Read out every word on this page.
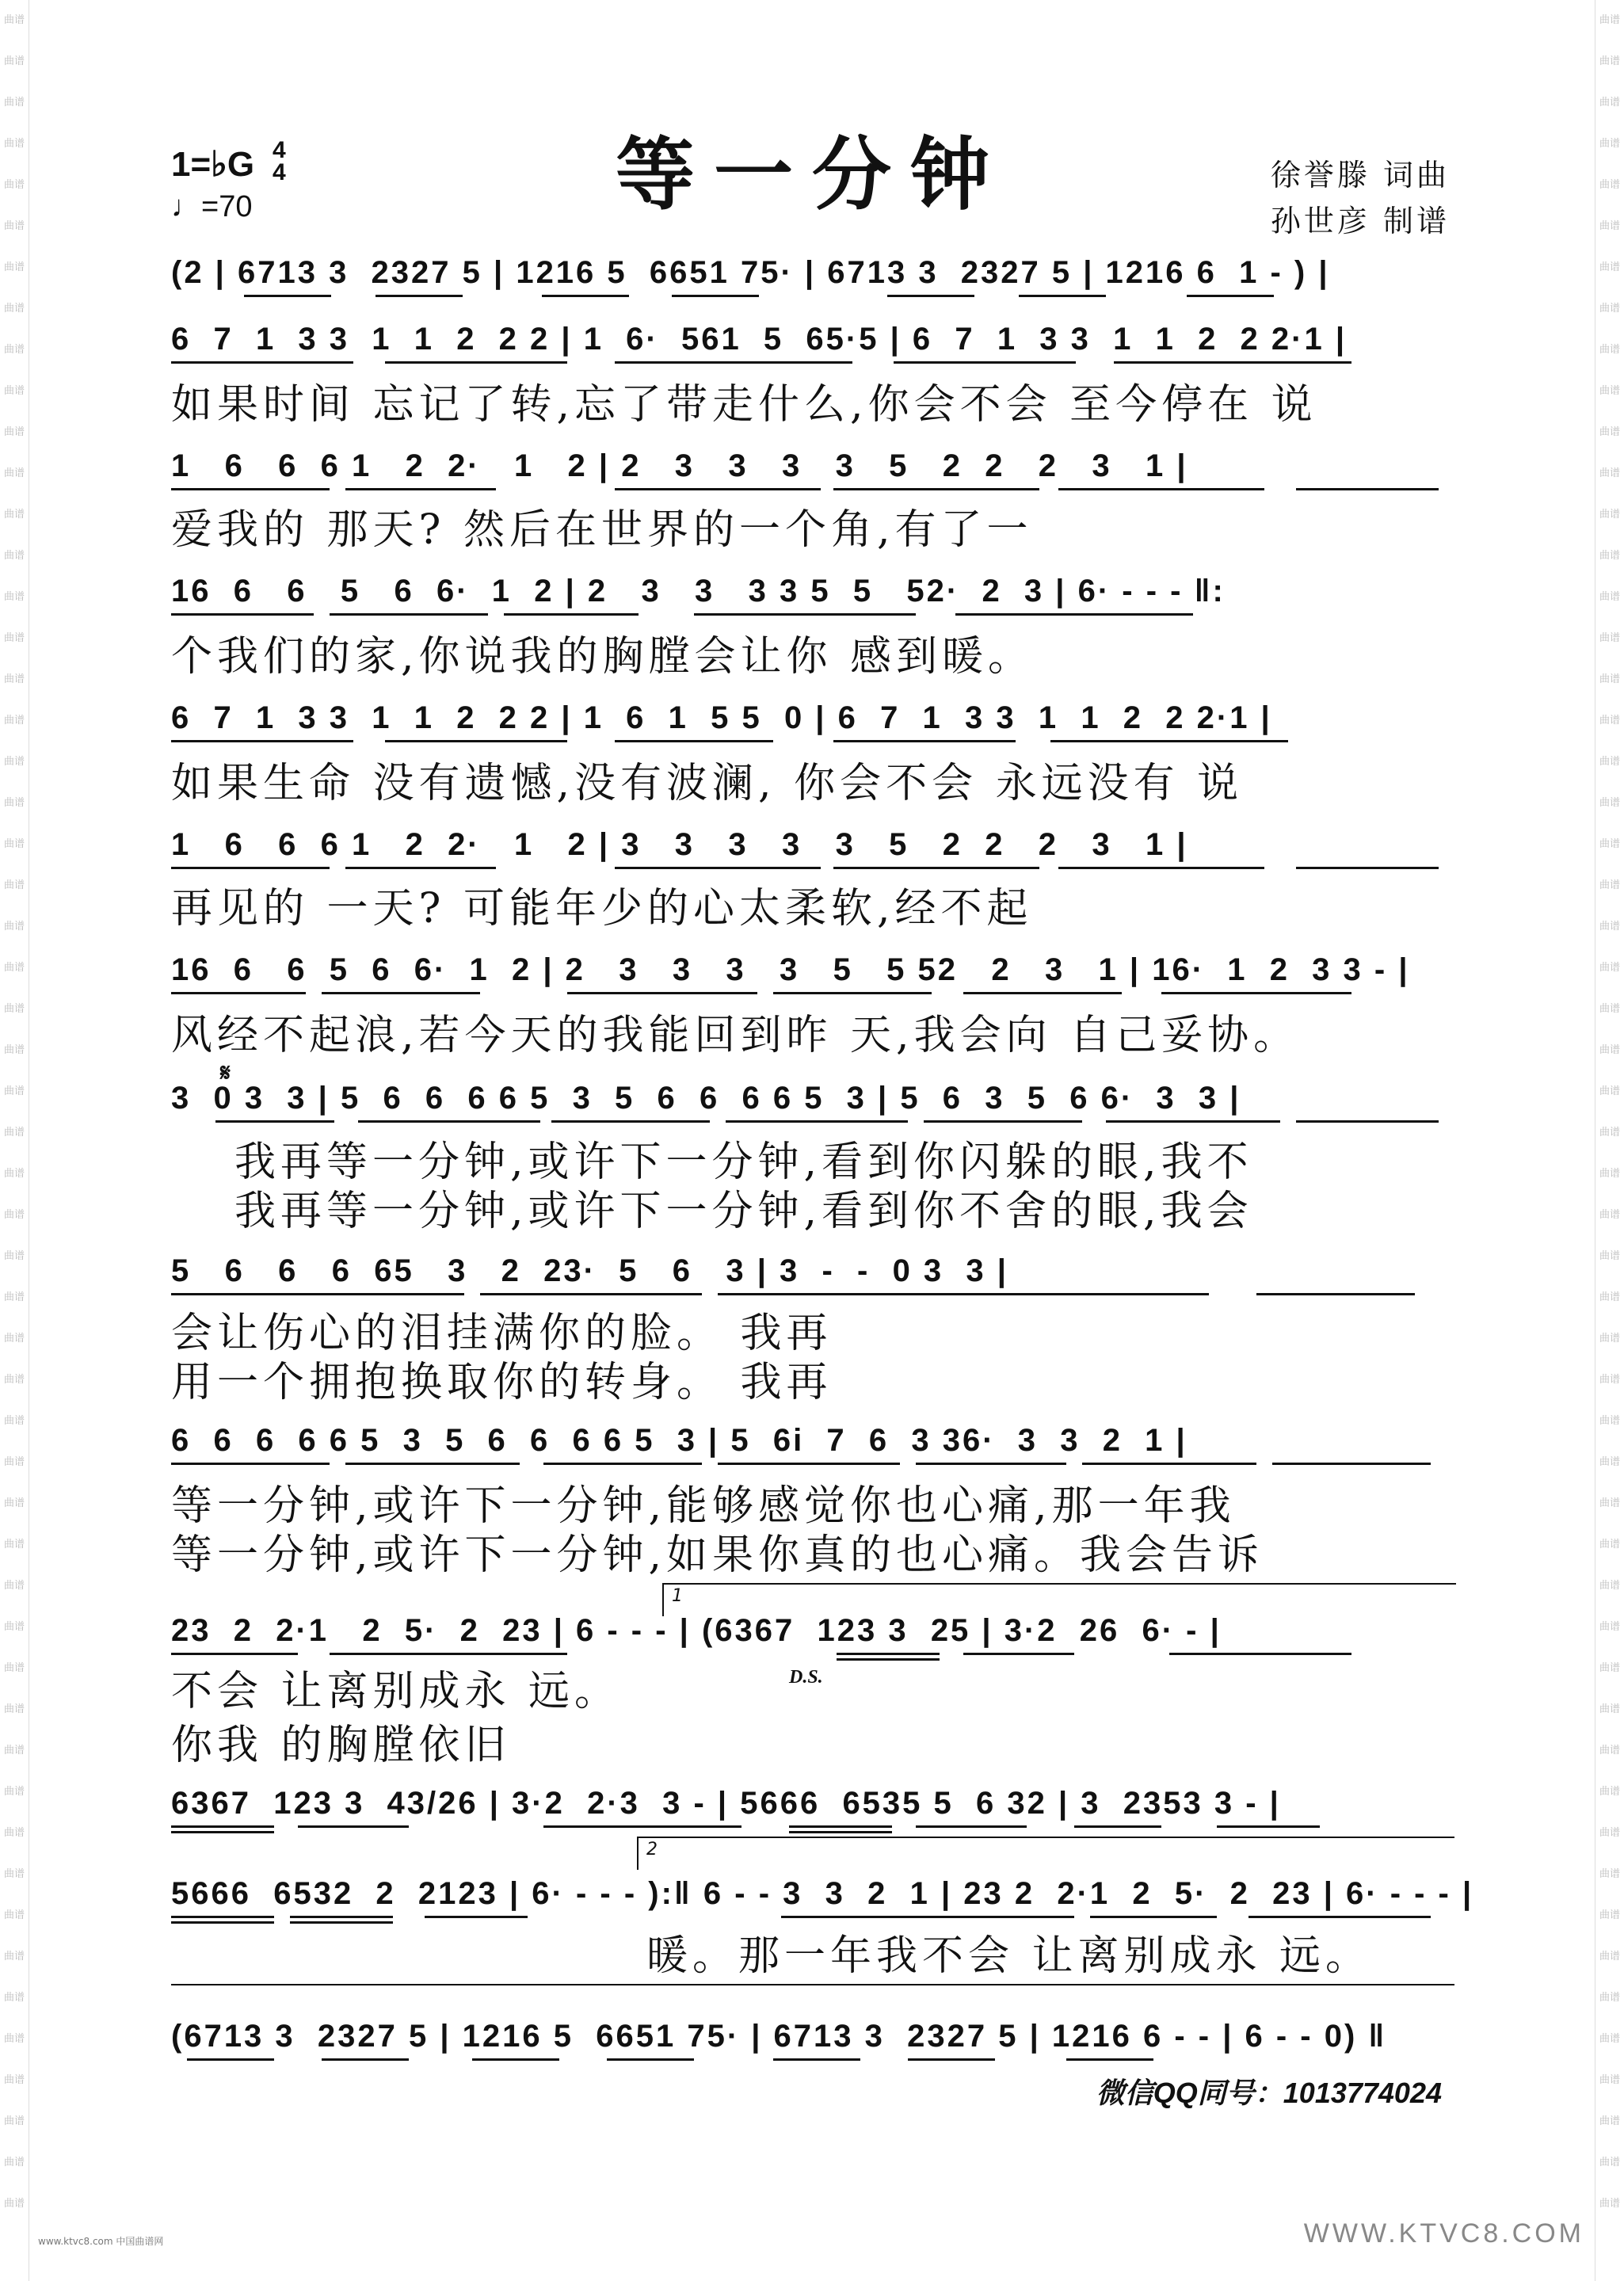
曲谱
曲谱
曲谱
曲谱
曲谱
曲谱
曲谱
曲谱
曲谱
曲谱
曲谱
曲谱
曲谱
曲谱
曲谱
曲谱
曲谱
曲谱
曲谱
曲谱
曲谱
曲谱
曲谱
曲谱
曲谱
曲谱
曲谱
曲谱
曲谱
曲谱
曲谱
曲谱
曲谱
曲谱
曲谱
曲谱
曲谱
曲谱
曲谱
曲谱
曲谱
曲谱
曲谱
曲谱
曲谱
曲谱
曲谱
曲谱
曲谱
曲谱
曲谱
曲谱
曲谱
曲谱
曲谱
曲谱
曲谱
曲谱
曲谱
曲谱
曲谱
曲谱
曲谱
曲谱
曲谱
曲谱
曲谱
曲谱
曲谱
曲谱
曲谱
曲谱
曲谱
曲谱
曲谱
曲谱
曲谱
曲谱
曲谱
曲谱
曲谱
曲谱
曲谱
曲谱
曲谱
曲谱
曲谱
曲谱
曲谱
曲谱
曲谱
曲谱
曲谱
曲谱
曲谱
曲谱
曲谱
曲谱
曲谱
曲谱
曲谱
曲谱
曲谱
曲谱
曲谱
曲谱
曲谱
曲谱
等一分钟
1=♭G 4
4
♩=70
徐誉滕 词曲
孙世彦 制谱
(2 | 6713 3  2327 5 | 1216 5  6651 75· | 6713 3  2327 5 | 1216 6  1 - ) |
6  7  1  3 3  1  1  2  2 2 | 1  6·  561  5  65·5 | 6  7  1  3 3  1  1  2  2 2·1 |
如果时间 忘记了转,忘了带走什么,你会不会 至今停在 说
1   6   6  6 1   2  2·   1   2 | 2   3   3   3   3   5   2  2   2   3   1 |
爱我的 那天? 然后在世界的一个角,有了一
16  6   6   5   6  6·  1  2 | 2   3   3   3 3 5  5   52·  2  3 | 6· - - - ‖:
个我们的家,你说我的胸膛会让你 感到暖。
6  7  1  3 3  1  1  2  2 2 | 1  6  1  5 5  0 | 6  7  1  3 3  1  1  2  2 2·1 |
如果生命 没有遗憾,没有波澜, 你会不会 永远没有 说
1   6   6  6 1   2  2·   1   2 | 3   3   3   3   3   5   2  2   2   3   1 |
再见的 一天? 可能年少的心太柔软,经不起
16  6   6  5  6  6·  1  2 | 2   3   3   3   3   5   5 52   2   3   1 | 16·  1  2  3 3 - |
风经不起浪,若今天的我能回到昨 天,我会向 自己妥协。
𝄋
3  0 3  3 | 5  6  6  6 6 5  3  5  6  6  6 6 5  3 | 5  6  3  5  6 6·  3  3 |
我再等一分钟,或许下一分钟,看到你闪躲的眼,我不
我再等一分钟,或许下一分钟,看到你不舍的眼,我会
5   6   6   6  65   3   2  23·  5   6   3 | 3  -  -  0 3  3 |
会让伤心的泪挂满你的脸。 我再
用一个拥抱换取你的转身。 我再
6  6  6  6 6 5  3  5  6  6  6 6 5  3 | 5  6i  7  6  3 36·  3  3  2  1 |
等一分钟,或许下一分钟,能够感觉你也心痛,那一年我
等一分钟,或许下一分钟,如果你真的也心痛。我会告诉
1
23  2  2·1   2  5·  2  23 | 6 - - - | (6367  123 3  25 | 3·2  26  6· - |
D.S.
不会 让离别成永 远。
你我 的胸膛依旧
6367  123 3  43/26 | 3·2  2·3  3 - | 5666  6535 5  6 32 | 3  2353 3 - |
2
5666  6532  2  2123 | 6· - - - ):‖ 6 - - 3  3  2  1 | 23 2  2·1  2  5·  2  23 | 6· - - - |
暖。那一年我不会 让离别成永 远。
(6713 3  2327 5 | 1216 5  6651 75· | 6713 3  2327 5 | 1216 6 - - | 6 - - 0) ‖
微信QQ同号：1013774024
www.ktvc8.com 中国曲谱网	WWW.KTVC8.COM
